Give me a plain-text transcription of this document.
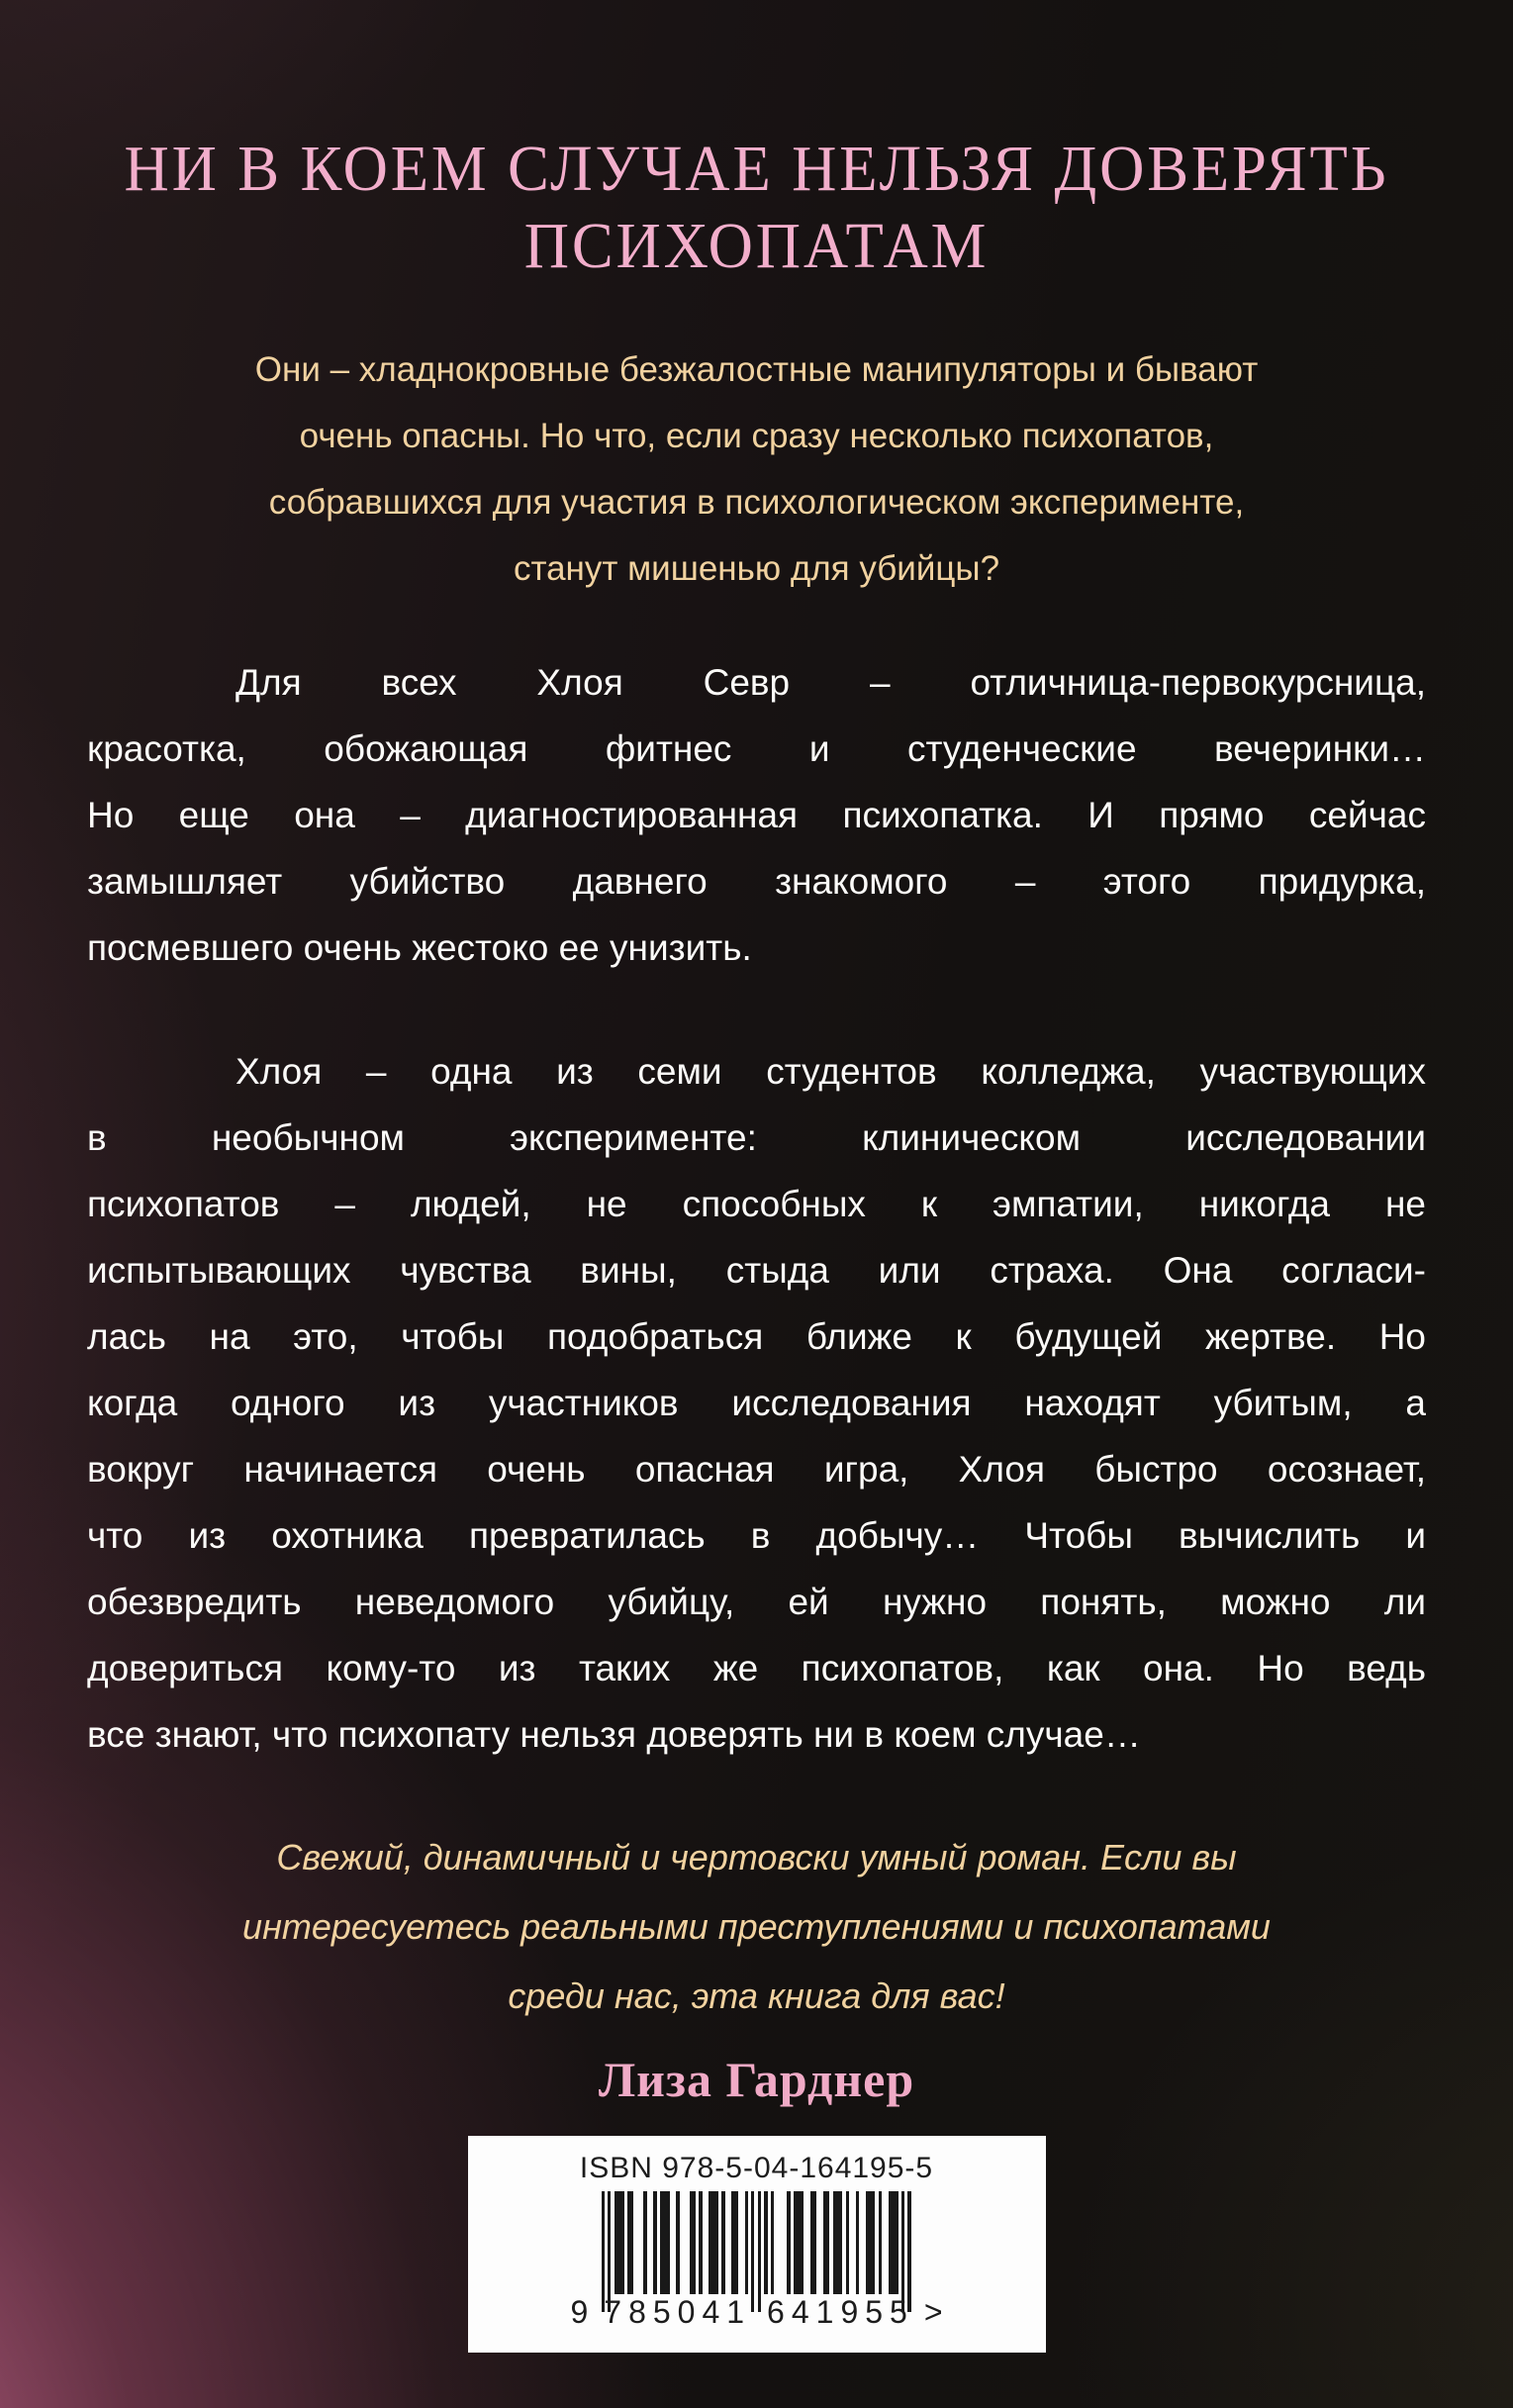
НИ В КОЕМ СЛУЧАЕ НЕЛЬЗЯ ДОВЕРЯТЬ
ПСИХОПАТАМ
Они – хладнокровные безжалостные манипуляторы и бывают
очень опасны. Но что, если сразу несколько психопатов,
собравшихся для участия в психологическом эксперименте,
станут мишенью для убийцы?
Для всех Хлоя Севр – отличница-первокурсница,
красотка, обожающая фитнес и студенческие вечеринки…
Но еще она – диагностированная психопатка. И прямо сейчас
замышляет убийство давнего знакомого – этого придурка,
посмевшего очень жестоко ее унизить.
Хлоя – одна из семи студентов колледжа, участвующих
в необычном эксперименте: клиническом исследовании
психопатов – людей, не способных к эмпатии, никогда не
испытывающих чувства вины, стыда или страха. Она согласи-
лась на это, чтобы подобраться ближе к будущей жертве. Но
когда одного из участников исследования находят убитым, а
вокруг начинается очень опасная игра, Хлоя быстро осознает,
что из охотника превратилась в добычу… Чтобы вычислить и
обезвредить неведомого убийцу, ей нужно понять, можно ли
довериться кому-то из таких же психопатов, как она. Но ведь
все знают, что психопату нельзя доверять ни в коем случае…
Свежий, динамичный и чертовски умный роман. Если вы
интересуетесь реальными преступлениями и психопатами
среди нас, эта книга для вас!
Лиза Гарднер
ISBN 978-5-04-164195-5
9 785041 641955 >
